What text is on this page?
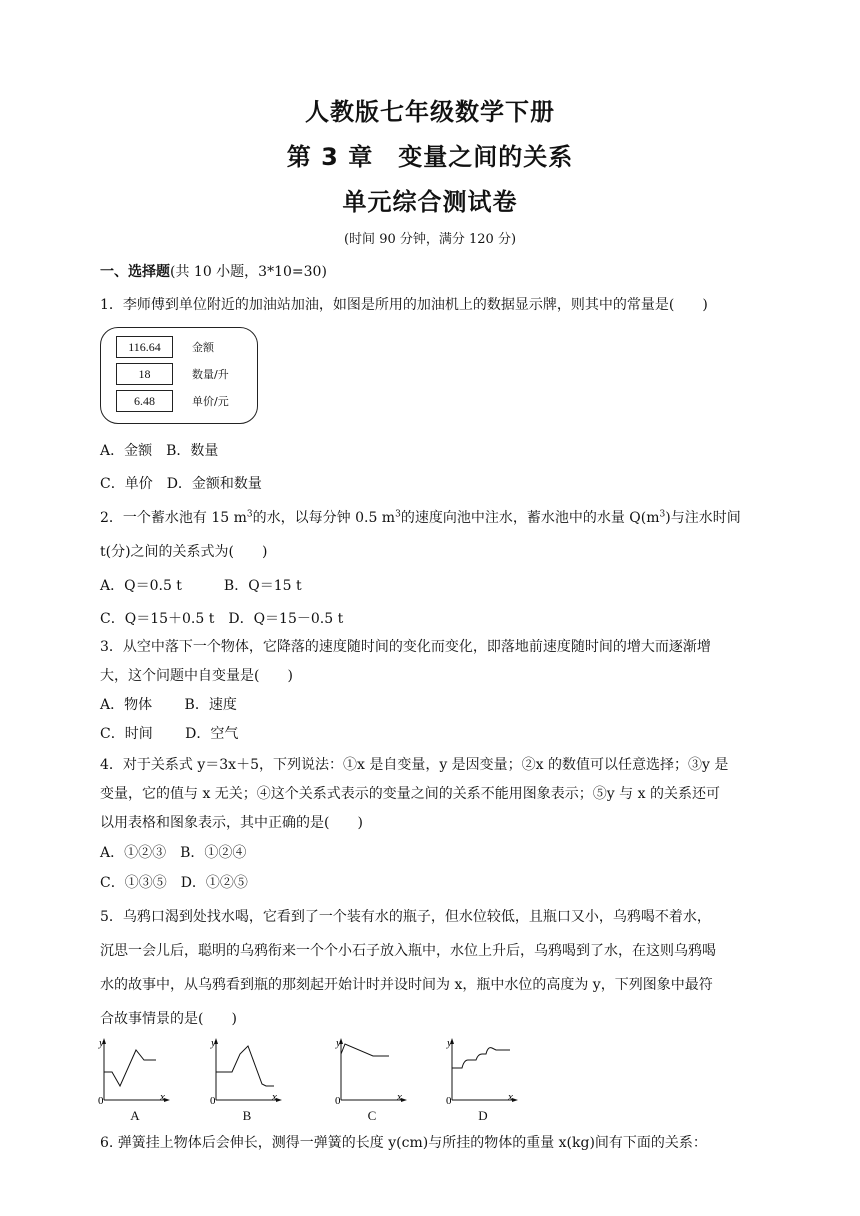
人教版七年级数学下册
第 3 章　变量之间的关系
单元综合测试卷
(时间 90 分钟，满分 120 分)
一、选择题(共 10 小题，3*10=30)
1．李师傅到单位附近的加油站加油，如图是所用的加油机上的数据显示牌，则其中的常量是(　　)
116.64	金额
18	数量/升
6.48	单价/元
A．金额　B．数量
C．单价　D．金额和数量
2．一个蓄水池有 15 $m^3$的水，以每分钟 0.5 $m^3$的速度向池中注水，蓄水池中的水量 $Q(m^3)$与注水时间
t(分)之间的关系式为(　　)
A．Q＝0.5 t　　　B．Q＝15 t
C．Q＝15＋0.5 t　D．Q＝15－0.5 t
3．从空中落下一个物体，它降落的速度随时间的变化而变化，即落地前速度随时间的增大而逐渐增
大，这个问题中自变量是(　　)
A．物体　　 B．速度
C．时间　　 D．空气
4．对于关系式 y＝3x＋5，下列说法：①x 是自变量，y 是因变量；②x 的数值可以任意选择；③y 是
变量，它的值与 x 无关；④这个关系式表示的变量之间的关系不能用图象表示；⑤y 与 x 的关系还可
以用表格和图象表示，其中正确的是(　　)
A．①②③　B．①②④
C．①③⑤　D．①②⑤
5．乌鸦口渴到处找水喝，它看到了一个装有水的瓶子，但水位较低，且瓶口又小，乌鸦喝不着水，
沉思一会儿后，聪明的乌鸦衔来一个个小石子放入瓶中，水位上升后，乌鸦喝到了水，在这则乌鸦喝
水的故事中，从乌鸦看到瓶的那刻起开始计时并设时间为 x，瓶中水位的高度为 y，下列图象中最符
合故事情景的是(　　)
y
x
0
A
y
x
0
B
y
x
0
C
y
x
0
D
6. 弹簧挂上物体后会伸长，测得一弹簧的长度 y(cm)与所挂的物体的重量 x(kg)间有下面的关系：
